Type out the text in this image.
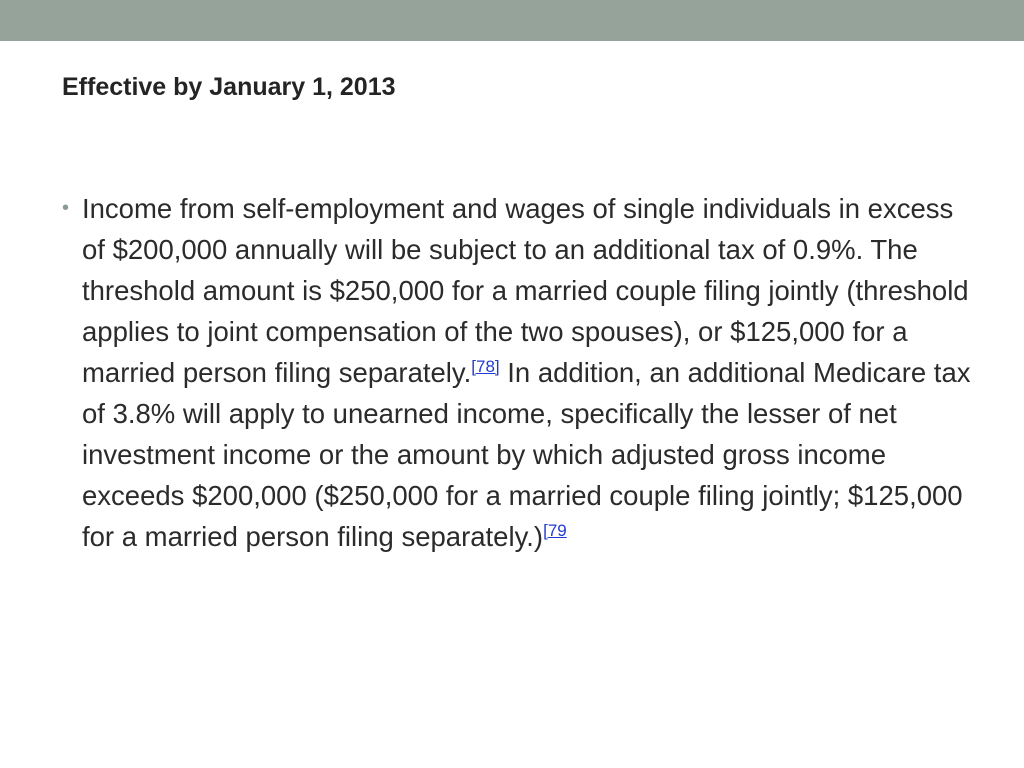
Effective by January 1, 2013
• Income from self-employment and wages of single individuals in excess of $200,000 annually will be subject to an additional tax of 0.9%. The threshold amount is $250,000 for a married couple filing jointly (threshold applies to joint compensation of the two spouses), or $125,000 for a married person filing separately.[78] In addition, an additional Medicare tax of 3.8% will apply to unearned income, specifically the lesser of net investment income or the amount by which adjusted gross income exceeds $200,000 ($250,000 for a married couple filing jointly; $125,000 for a married person filing separately.)$^{[79}$
